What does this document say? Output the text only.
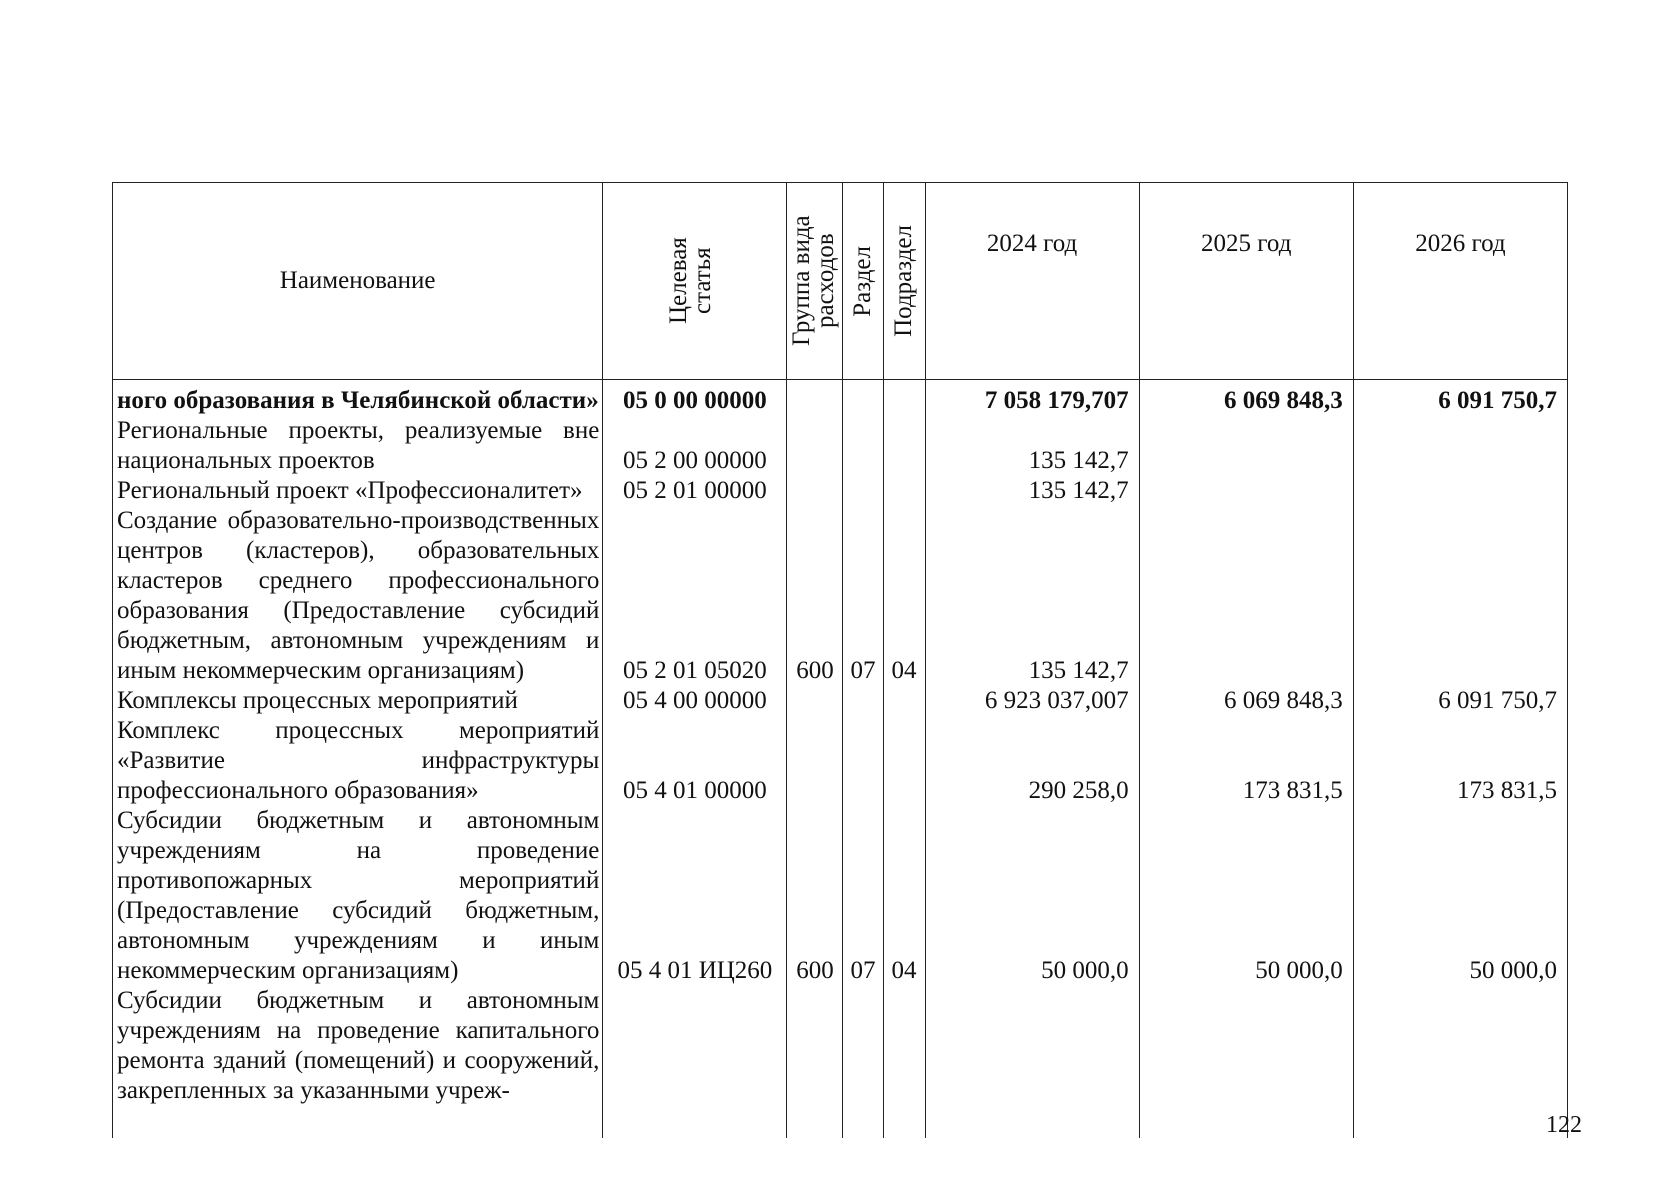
Наименование	Целевая статья	Группа вида расходов	Раздел	Подраздел	2024 год	2025 год	2026 год
ного образования в Челябинской области»	05 0 00 00000				7 058 179,707	6 069 848,3	6 091 750,7
Региональные проекты, реализуемые вне национальных проектов	05 2 00 00000				135 142,7		
Региональный проект «Профессионалитет»	05 2 01 00000				135 142,7		
Создание образовательно-производственных центров (кластеров), образовательных кластеров среднего профессионального образования (Предоставление субсидий бюджетным, автономным учреждениям и иным некоммерческим организациям)	05 2 01 05020	600	07	04	135 142,7		
Комплексы процессных мероприятий	05 4 00 00000				6 923 037,007	6 069 848,3	6 091 750,7
Комплекс процессных мероприятий «Развитие инфраструктуры профессионального образования»	05 4 01 00000				290 258,0	173 831,5	173 831,5
Субсидии бюджетным и автономным учреждениям на проведение противопожарных мероприятий (Предоставление субсидий бюджетным, автономным учреждениям и иным некоммерческим организациям)	05 4 01 ИЦ260	600	07	04	50 000,0	50 000,0	50 000,0
Субсидии бюджетным и автономным учреждениям на проведение капитального ремонта зданий (помещений) и сооружений, закрепленных за указанными учреж-							
122
